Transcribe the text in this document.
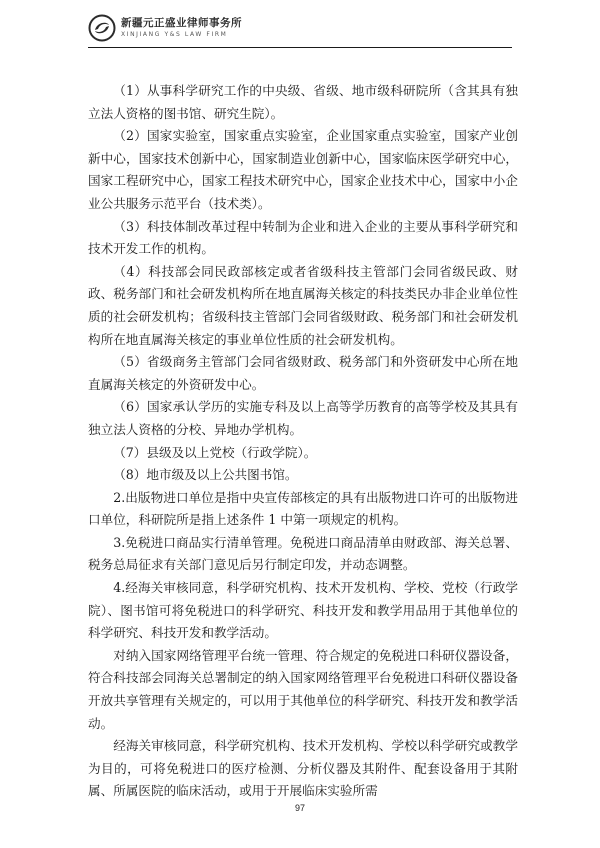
新疆元正盛业律师事务所
XINJIANG Y&S LAW FIRM

（1）从事科学研究工作的中央级、省级、地市级科研院所（含其具有独立法人资格的图书馆、研究生院）。

（2）国家实验室，国家重点实验室，企业国家重点实验室，国家产业创新中心，国家技术创新中心，国家制造业创新中心，国家临床医学研究中心，国家工程研究中心，国家工程技术研究中心，国家企业技术中心，国家中小企业公共服务示范平台（技术类）。

（3）科技体制改革过程中转制为企业和进入企业的主要从事科学研究和技术开发工作的机构。

（4）科技部会同民政部核定或者省级科技主管部门会同省级民政、财政、税务部门和社会研发机构所在地直属海关核定的科技类民办非企业单位性质的社会研发机构；省级科技主管部门会同省级财政、税务部门和社会研发机构所在地直属海关核定的事业单位性质的社会研发机构。

（5）省级商务主管部门会同省级财政、税务部门和外资研发中心所在地直属海关核定的外资研发中心。

（6）国家承认学历的实施专科及以上高等学历教育的高等学校及其具有独立法人资格的分校、异地办学机构。

（7）县级及以上党校（行政学院）。

（8）地市级及以上公共图书馆。

2.出版物进口单位是指中央宣传部核定的具有出版物进口许可的出版物进口单位，科研院所是指上述条件 1 中第一项规定的机构。

3.免税进口商品实行清单管理。免税进口商品清单由财政部、海关总署、税务总局征求有关部门意见后另行制定印发，并动态调整。

4.经海关审核同意，科学研究机构、技术开发机构、学校、党校（行政学院）、图书馆可将免税进口的科学研究、科技开发和教学用品用于其他单位的科学研究、科技开发和教学活动。

对纳入国家网络管理平台统一管理、符合规定的免税进口科研仪器设备，符合科技部会同海关总署制定的纳入国家网络管理平台免税进口科研仪器设备开放共享管理有关规定的，可以用于其他单位的科学研究、科技开发和教学活动。

经海关审核同意，科学研究机构、技术开发机构、学校以科学研究或教学为目的，可将免税进口的医疗检测、分析仪器及其附件、配套设备用于其附属、所属医院的临床活动，或用于开展临床实验所需

97
